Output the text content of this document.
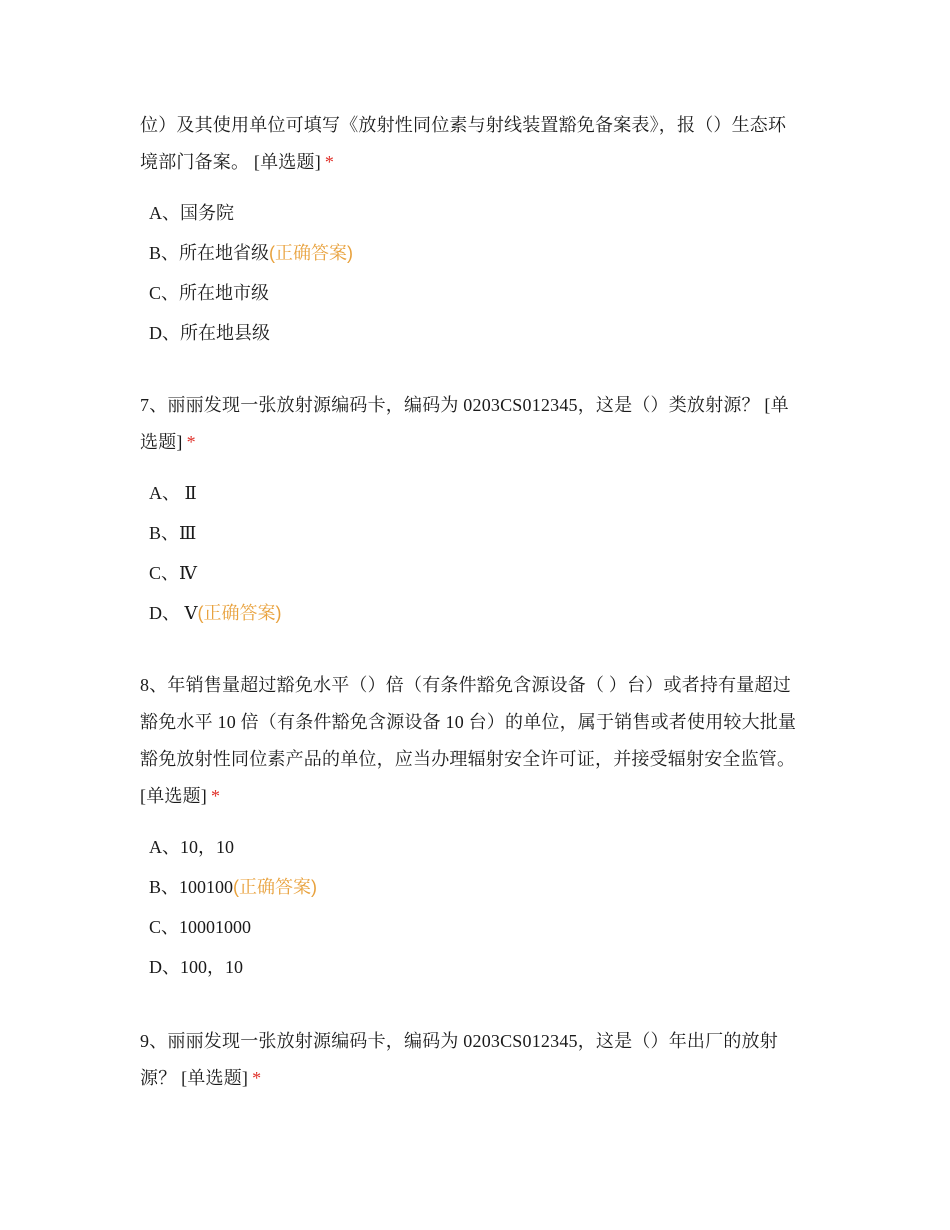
位）及其使用单位可填写《放射性同位素与射线装置豁免备案表》，报（）生态环
境部门备案。 [单选题] *

A、国务院
B、所在地省级(正确答案)
C、所在地市级
D、所在地县级

7、丽丽发现一张放射源编码卡，编码为 0203CS012345，这是（）类放射源？ [单
选题] *

A、 Ⅱ
B、Ⅲ
C、Ⅳ
D、 Ⅴ(正确答案)

8、年销售量超过豁免水平（）倍（有条件豁免含源设备（ ）台）或者持有量超过
豁免水平 10 倍（有条件豁免含源设备 10 台）的单位，属于销售或者使用较大批量
豁免放射性同位素产品的单位，应当办理辐射安全许可证，并接受辐射安全监管。
[单选题] *

A、10，10
B、100100(正确答案)
C、10001000
D、100，10

9、丽丽发现一张放射源编码卡，编码为 0203CS012345，这是（）年出厂的放射
源？ [单选题] *
